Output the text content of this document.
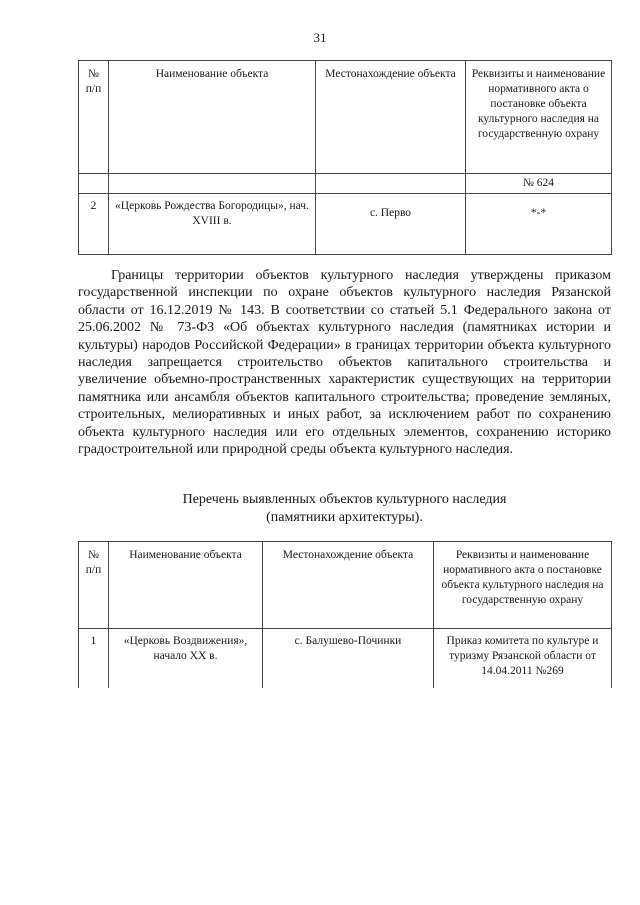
31
№ п/п	Наименование объекта	Местонахождение объекта	Реквизиты и наименование нормативного акта о постановке объекта культурного наследия на государственную охрану
			№ 624
2	«Церковь Рождества Богородицы», нач. XVIII в.	с. Перво	*-*

Границы территории объектов культурного наследия утверждены приказом государственной инспекции по охране объектов культурного наследия Рязанской области от 16.12.2019 № 143. В соответствии со статьей 5.1 Федерального закона от 25.06.2002 № 73-ФЗ «Об объектах культурного наследия (памятниках истории и культуры) народов Российской Федерации» в границах территории объекта культурного наследия запрещается строительство объектов капитального строительства и увеличение объемно-пространственных характеристик существующих на территории памятника или ансамбля объектов капитального строительства; проведение земляных, строительных, мелиоративных и иных работ, за исключением работ по сохранению объекта культурного наследия или его отдельных элементов, сохранению историко градостроительной или природной среды объекта культурного наследия.

Перечень выявленных объектов культурного наследия
(памятники архитектуры).
№ п/п	Наименование объекта	Местонахождение объекта	Реквизиты и наименование нормативного акта о постановке объекта культурного наследия на государственную охрану
1	«Церковь Воздвижения», начало XX в.	с. Балушево-Починки	Приказ комитета по культуре и туризму Рязанской области от 14.04.2011 №269
